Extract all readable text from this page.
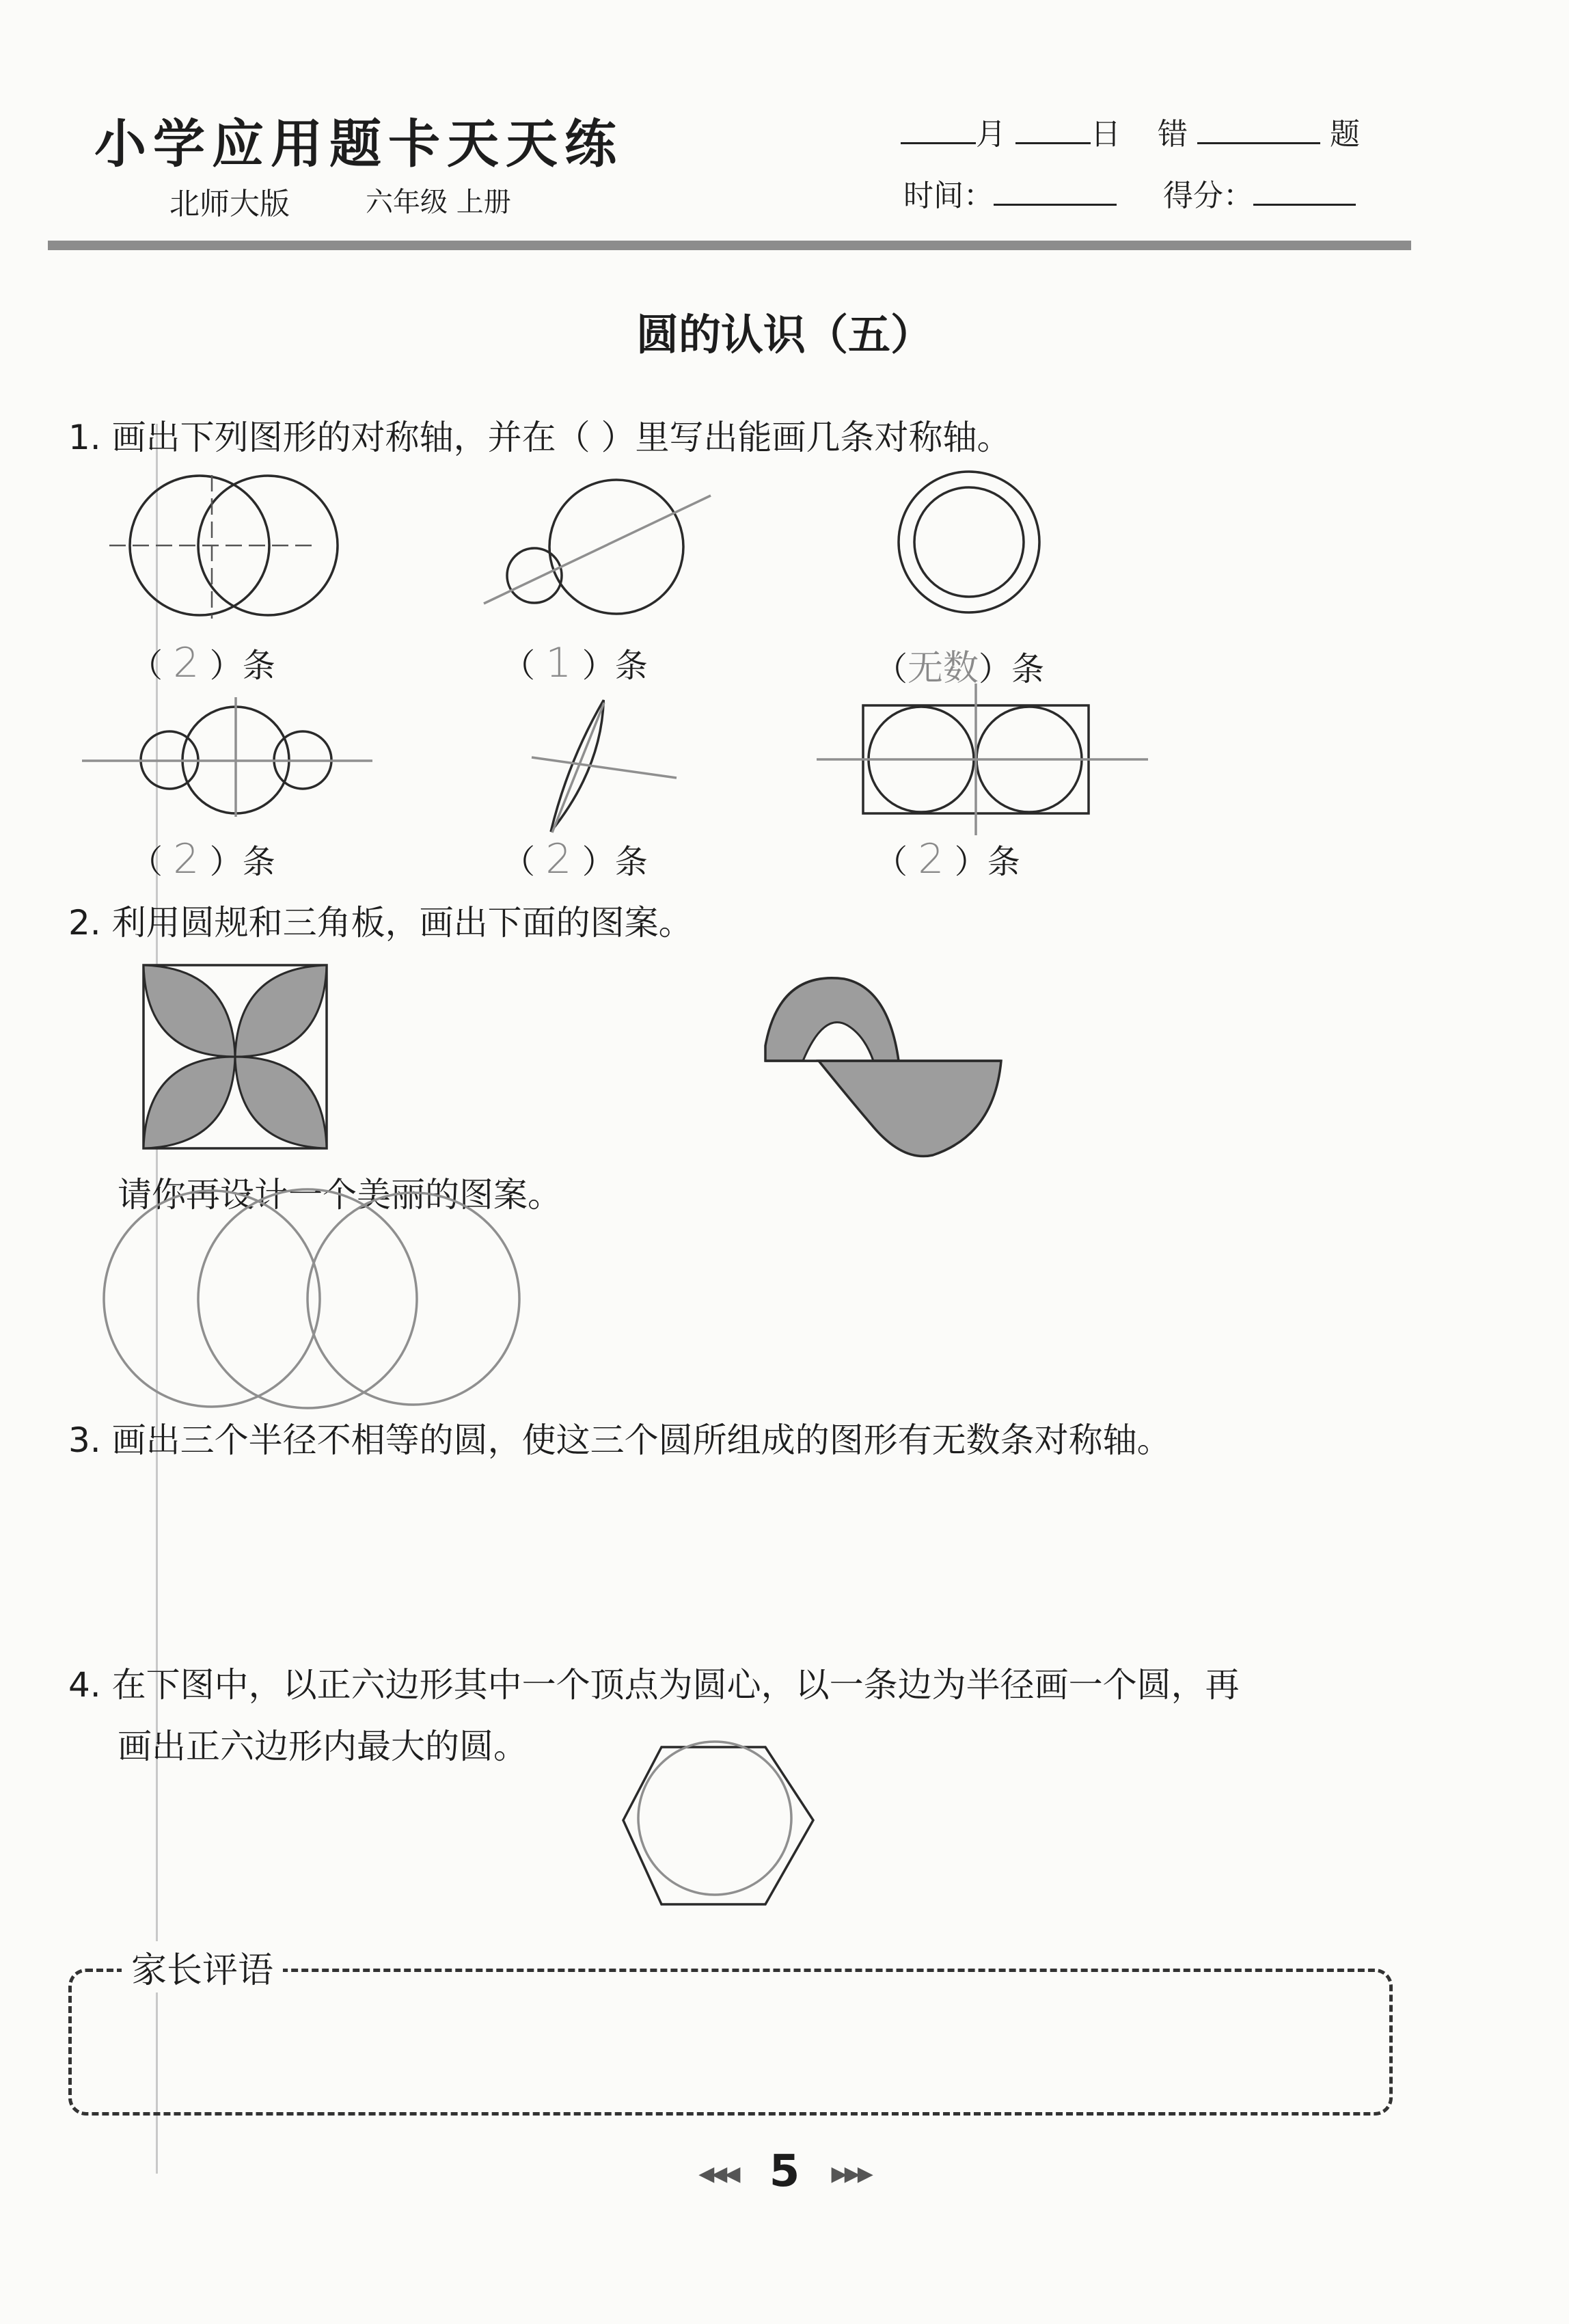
小学应用题卡天天练
北师大版	六年级 上册
月	日 错	题
时间：	得分：
圆的认识（五）
1. 画出下列图形的对称轴，并在（ ）里写出能画几条对称轴。
（ 2 ）条	（ 1 ）条	（无数）条
（ 2 ）条	（ 2 ）条	（ 2 ）条
2. 利用圆规和三角板，画出下面的图案。
请你再设计一个美丽的图案。
3. 画出三个半径不相等的圆，使这三个圆所组成的图形有无数条对称轴。
4. 在下图中，以正六边形其中一个顶点为圆心，以一条边为半径画一个圆，再
画出正六边形内最大的圆。
家长评语
◀◀◀ 5 ▶▶▶
